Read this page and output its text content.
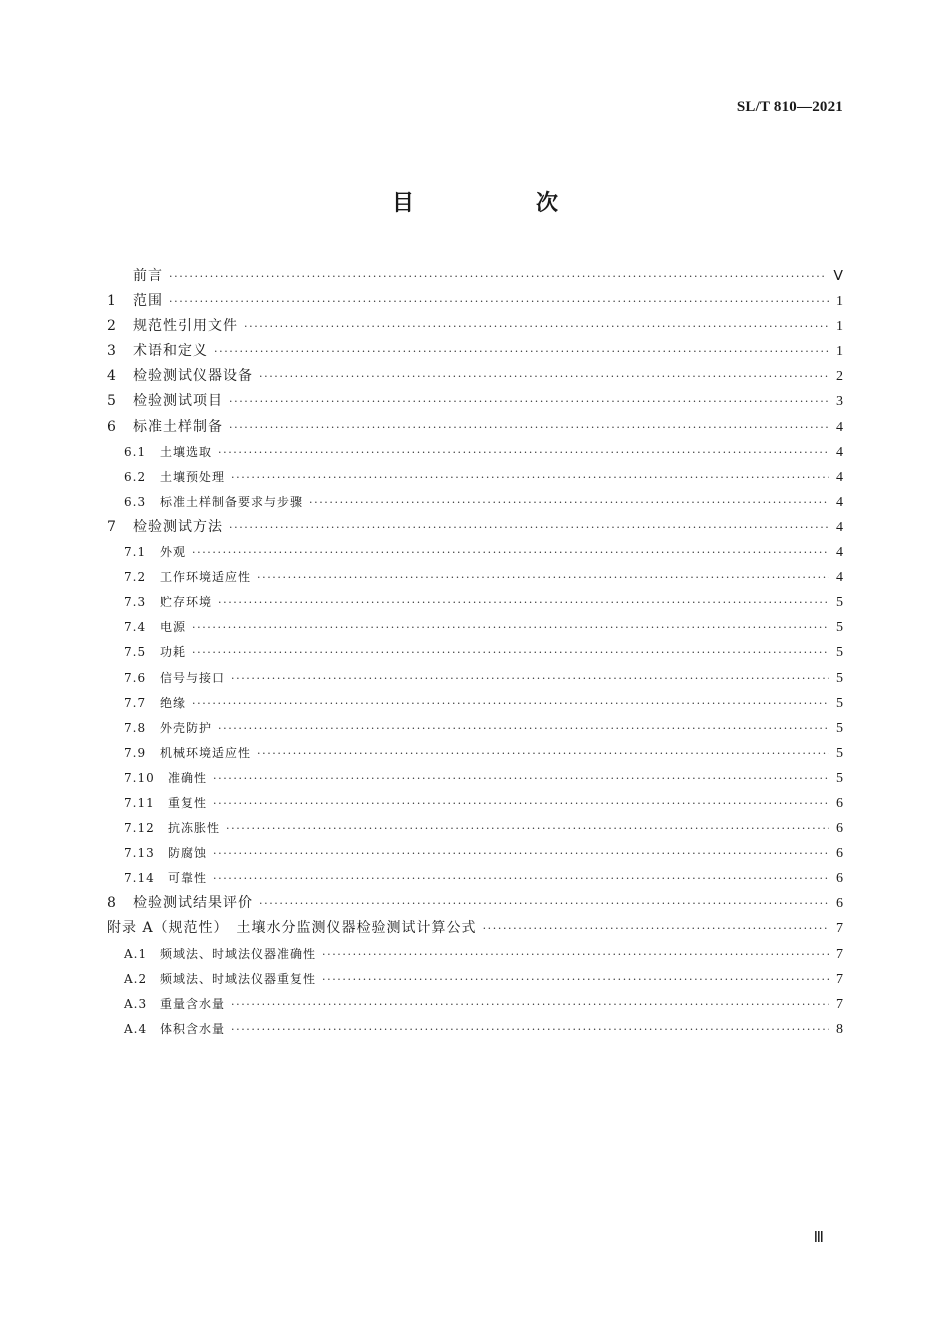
SL/T 810—2021
目　次
前言 ·····	Ⅴ
1	范围 ·····	1
2	规范性引用文件 ·····	1
3	术语和定义 ·····	1
4	检验测试仪器设备 ·····	2
5	检验测试项目 ·····	3
6	标准土样制备 ·····	4
6.1	土壤选取 ·····	4
6.2	土壤预处理 ·····	4
6.3	标准土样制备要求与步骤 ·····	4
7	检验测试方法 ·····	4
7.1	外观 ·····	4
7.2	工作环境适应性 ·····	4
7.3	贮存环境 ·····	5
7.4	电源 ·····	5
7.5	功耗 ·····	5
7.6	信号与接口 ·····	5
7.7	绝缘 ·····	5
7.8	外壳防护 ·····	5
7.9	机械环境适应性 ·····	5
7.10	准确性 ·····	5
7.11	重复性 ·····	6
7.12	抗冻胀性 ·····	6
7.13	防腐蚀 ·····	6
7.14	可靠性 ·····	6
8	检验测试结果评价 ·····	6
附录 A（规范性）　土壤水分监测仪器检验测试计算公式 ·····	7
A.1	频域法、时域法仪器准确性 ·····	7
A.2	频域法、时域法仪器重复性 ·····	7
A.3	重量含水量 ·····	7
A.4	体积含水量 ·····	8
Ⅲ
